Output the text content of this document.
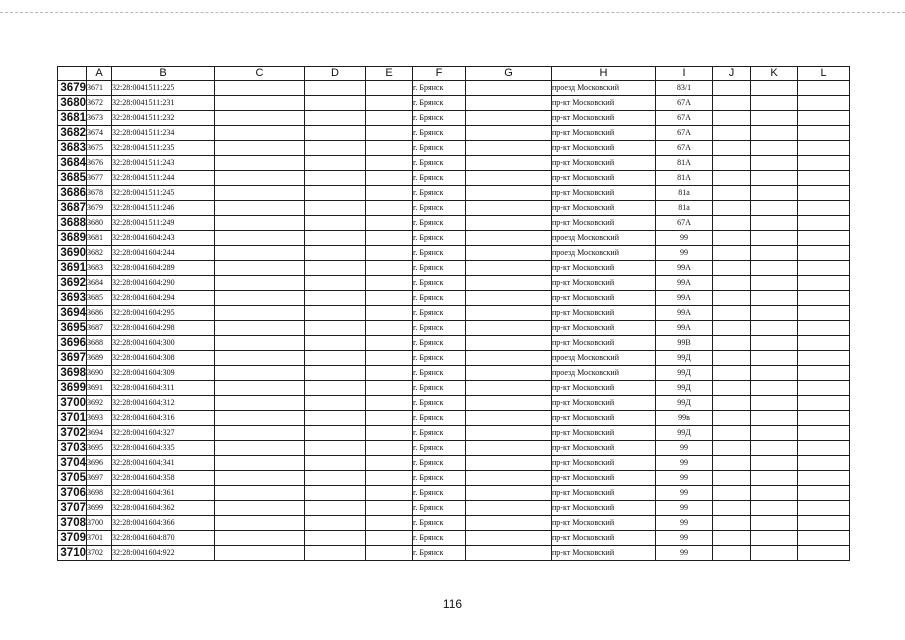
	A	B	C	D	E	F	G	H	I	J	K	L
3679	3671	32:28:0041511:225				г. Брянск		проезд Московский	83/1			
3680	3672	32:28:0041511:231				г. Брянск		пр-кт Московский	67А			
3681	3673	32:28:0041511:232				г. Брянск		пр-кт Московский	67А			
3682	3674	32:28:0041511:234				г. Брянск		пр-кт Московский	67А			
3683	3675	32:28:0041511:235				г. Брянск		пр-кт Московский	67А			
3684	3676	32:28:0041511:243				г. Брянск		пр-кт Московский	81А			
3685	3677	32:28:0041511:244				г. Брянск		пр-кт Московский	81А			
3686	3678	32:28:0041511:245				г. Брянск		пр-кт Московский	81а			
3687	3679	32:28:0041511:246				г. Брянск		пр-кт Московский	81а			
3688	3680	32:28:0041511:249				г. Брянск		пр-кт Московский	67А			
3689	3681	32:28:0041604:243				г. Брянск		проезд Московский	99			
3690	3682	32:28:0041604:244				г. Брянск		проезд Московский	99			
3691	3683	32:28:0041604:289				г. Брянск		пр-кт Московский	99А			
3692	3684	32:28:0041604:290				г. Брянск		пр-кт Московский	99А			
3693	3685	32:28:0041604:294				г. Брянск		пр-кт Московский	99А			
3694	3686	32:28:0041604:295				г. Брянск		пр-кт Московский	99А			
3695	3687	32:28:0041604:298				г. Брянск		пр-кт Московский	99А			
3696	3688	32:28:0041604:300				г. Брянск		пр-кт Московский	99В			
3697	3689	32:28:0041604:308				г. Брянск		проезд Московский	99Д			
3698	3690	32:28:0041604:309				г. Брянск		проезд Московский	99Д			
3699	3691	32:28:0041604:311				г. Брянск		пр-кт Московский	99Д			
3700	3692	32:28:0041604:312				г. Брянск		пр-кт Московский	99Д			
3701	3693	32:28:0041604:316				г. Брянск		пр-кт Московский	99в			
3702	3694	32:28:0041604:327				г. Брянск		пр-кт Московский	99Д			
3703	3695	32:28:0041604:335				г. Брянск		пр-кт Московский	99			
3704	3696	32:28:0041604:341				г. Брянск		пр-кт Московский	99			
3705	3697	32:28:0041604:358				г. Брянск		пр-кт Московский	99			
3706	3698	32:28:0041604:361				г. Брянск		пр-кт Московский	99			
3707	3699	32:28:0041604:362				г. Брянск		пр-кт Московский	99			
3708	3700	32:28:0041604:366				г. Брянск		пр-кт Московский	99			
3709	3701	32:28:0041604:870				г. Брянск		пр-кт Московский	99			
3710	3702	32:28:0041604:922				г. Брянск		пр-кт Московский	99			
116
